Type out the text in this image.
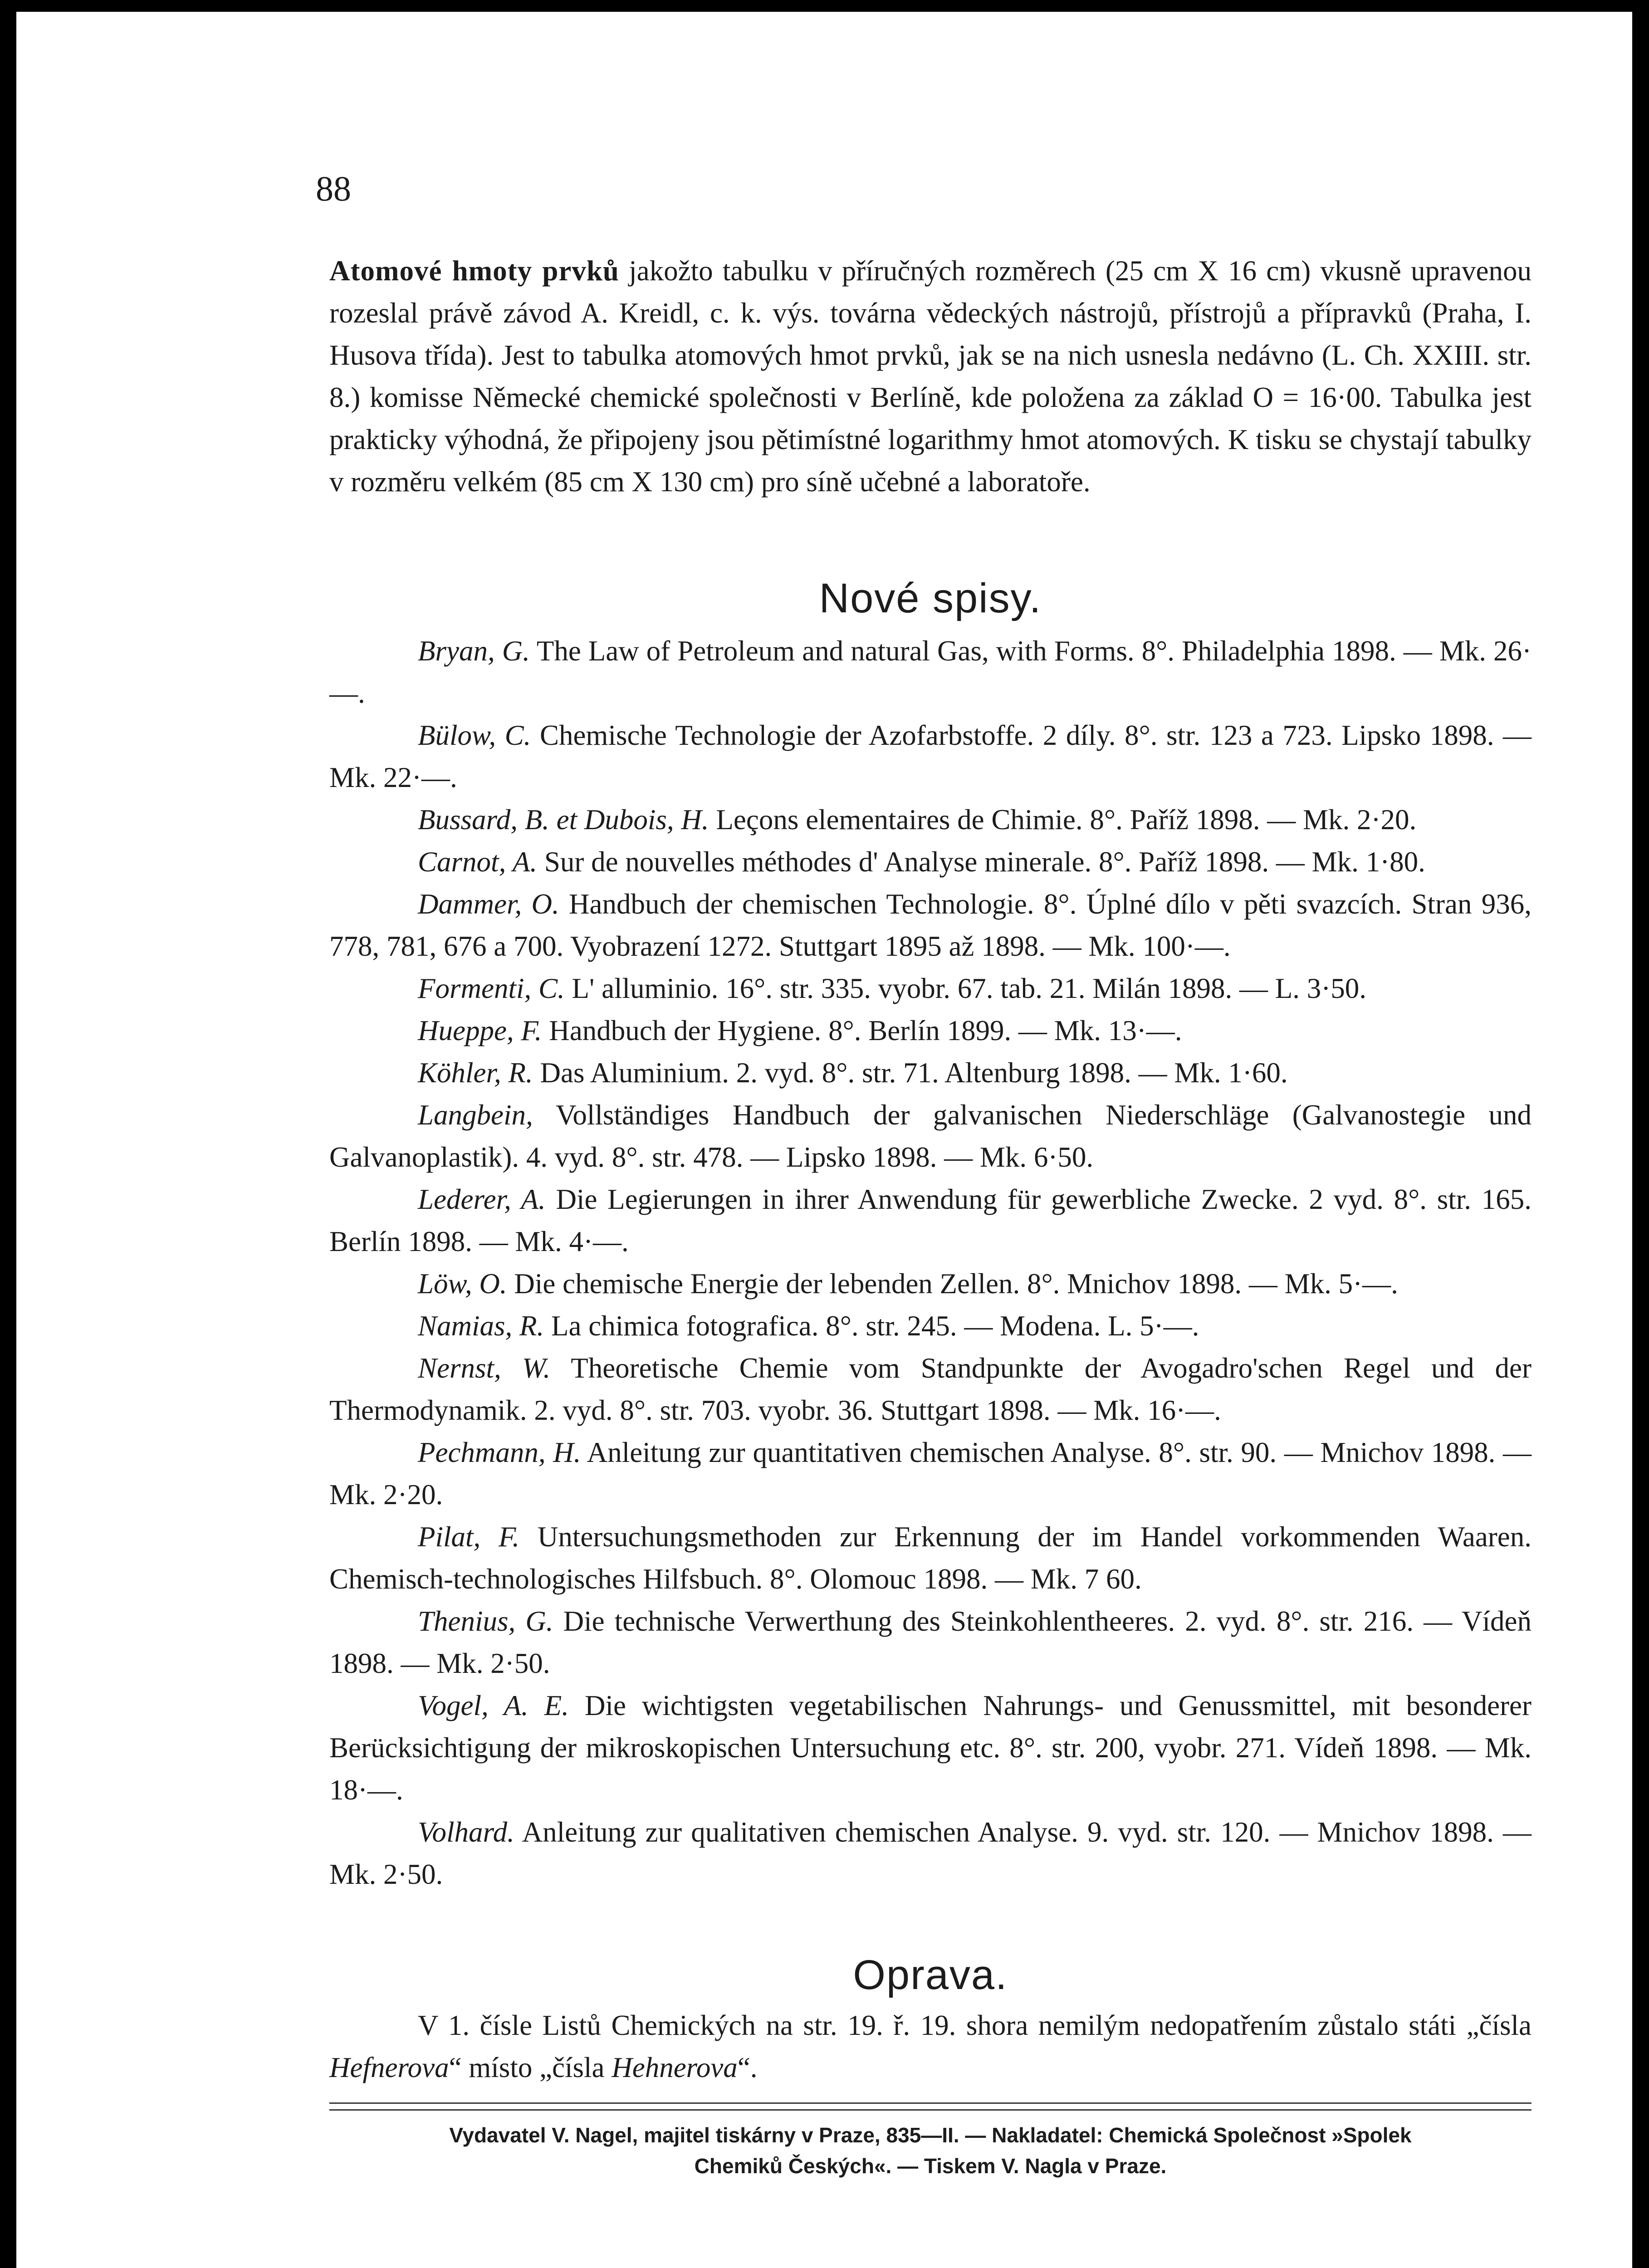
88

Atomové hmoty prvků jakožto tabulku v příručných rozměrech (25 cm X 16 cm) vkusně upravenou rozeslal právě závod A. Kreidl, c. k. výs. továrna vědeckých nástrojů, přístrojů a přípravků (Praha, I. Husova třída). Jest to tabulka atomových hmot prvků, jak se na nich usnesla nedávno (L. Ch. XXIII. str. 8.) komisse Německé chemické společnosti v Berlíně, kde položena za základ O = 16·00. Tabulka jest prakticky výhodná, že připojeny jsou pětimístné logarithmy hmot atomových. K tisku se chystají tabulky v rozměru velkém (85 cm X 130 cm) pro síně učebné a laboratoře.

Nové spisy.

Bryan, G. The Law of Petroleum and natural Gas, with Forms. 8°. Philadelphia 1898. — Mk. 26·—.

Bülow, C. Chemische Technologie der Azofarbstoffe. 2 díly. 8°. str. 123 a 723. Lipsko 1898. — Mk. 22·—.

Bussard, B. et Dubois, H. Leçons elementaires de Chimie. 8°. Paříž 1898. — Mk. 2·20.

Carnot, A. Sur de nouvelles méthodes d' Analyse minerale. 8°. Paříž 1898. — Mk. 1·80.

Dammer, O. Handbuch der chemischen Technologie. 8°. Úplné dílo v pěti svazcích. Stran 936, 778, 781, 676 a 700. Vyobrazení 1272. Stuttgart 1895 až 1898. — Mk. 100·—.

Formenti, C. L' alluminio. 16°. str. 335. vyobr. 67. tab. 21. Milán 1898. — L. 3·50.

Hueppe, F. Handbuch der Hygiene. 8°. Berlín 1899. — Mk. 13·—.

Köhler, R. Das Aluminium. 2. vyd. 8°. str. 71. Altenburg 1898. — Mk. 1·60.

Langbein, Vollständiges Handbuch der galvanischen Niederschläge (Galvanostegie und Galvanoplastik). 4. vyd. 8°. str. 478. — Lipsko 1898. — Mk. 6·50.

Lederer, A. Die Legierungen in ihrer Anwendung für gewerbliche Zwecke. 2 vyd. 8°. str. 165. Berlín 1898. — Mk. 4·—.

Löw, O. Die chemische Energie der lebenden Zellen. 8°. Mnichov 1898. — Mk. 5·—.

Namias, R. La chimica fotografica. 8°. str. 245. — Modena. L. 5·—.

Nernst, W. Theoretische Chemie vom Standpunkte der Avogadro'schen Regel und der Thermodynamik. 2. vyd. 8°. str. 703. vyobr. 36. Stuttgart 1898. — Mk. 16·—.

Pechmann, H. Anleitung zur quantitativen chemischen Analyse. 8°. str. 90. — Mnichov 1898. — Mk. 2·20.

Pilat, F. Untersuchungsmethoden zur Erkennung der im Handel vorkommenden Waaren. Chemisch-technologisches Hilfsbuch. 8°. Olomouc 1898. — Mk. 7 60.

Thenius, G. Die technische Verwerthung des Steinkohlentheeres. 2. vyd. 8°. str. 216. — Vídeň 1898. — Mk. 2·50.

Vogel, A. E. Die wichtigsten vegetabilischen Nahrungs- und Genussmittel, mit besonderer Berücksichtigung der mikroskopischen Untersuchung etc. 8°. str. 200, vyobr. 271. Vídeň 1898. — Mk. 18·—.

Volhard. Anleitung zur qualitativen chemischen Analyse. 9. vyd. str. 120. — Mnichov 1898. — Mk. 2·50.

Oprava.

V 1. čísle Listů Chemických na str. 19. ř. 19. shora nemilým nedopatřením zůstalo státi „čísla Hefnerova“ místo „čísla Hehnerova“.

Vydavatel V. Nagel, majitel tiskárny v Praze, 835—II. — Nakladatel: Chemická Společnost »Spolek
Chemiků Českých«. — Tiskem V. Nagla v Praze.
